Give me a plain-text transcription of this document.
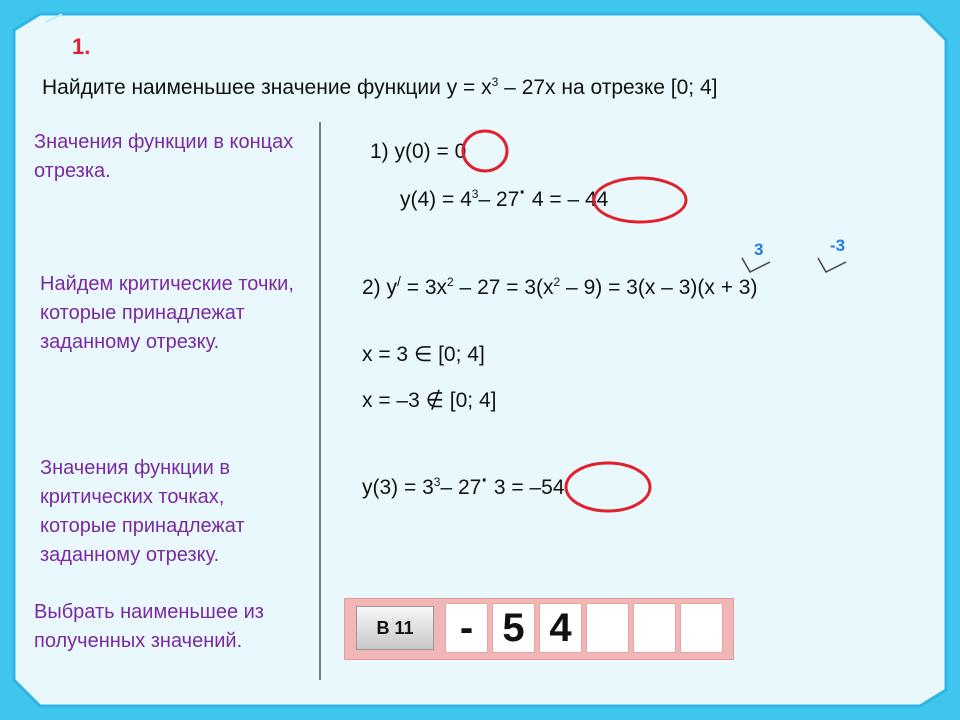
1.
Найдите наименьшее значение функции $y = x^3 - 27x$ на отрезке [0; 4]
Значения функции в концах отрезка.
Найдем критические точки, которые принадлежат заданному отрезку.
Значения функции в критических точках, которые принадлежат заданному отрезку.
Выбрать наименьшее из полученных значений.
1) y(0) = 0
$y(4) = 4^3-$ 27· 4 = – 44
2) $y^/ = 3x^2 - 27 = 3(x^2 - 9) = 3(x - 3)(x + 3)$
3	-3
x = 3 ∈ [0; 4]
x = –3 ∉ [0; 4]
$y(3) = 3^3-$ 27· 3 = –54
В 11	- 5 4
